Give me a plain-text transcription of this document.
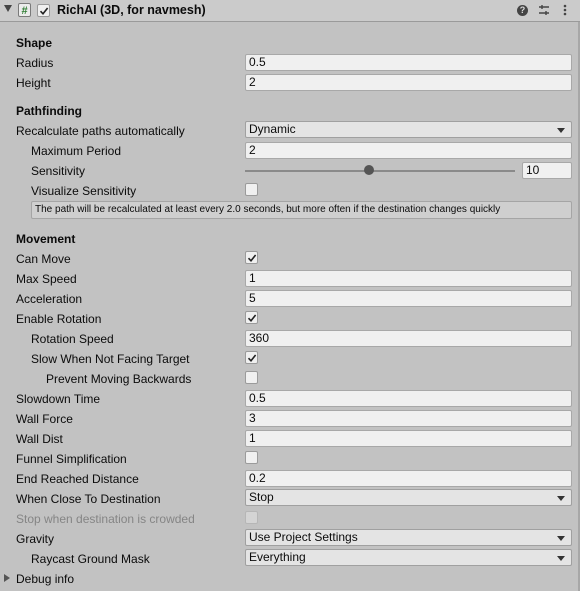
# RichAI (3D, for navmesh)	?
Shape
Radius	0.5
Height	2
Pathfinding
Recalculate paths automatically	Dynamic
Maximum Period	2
Sensitivity	10
Visualize Sensitivity
The path will be recalculated at least every 2.0 seconds, but more often if the destination changes quickly
Movement
Can Move
Max Speed	1
Acceleration	5
Enable Rotation
Rotation Speed	360
Slow When Not Facing Target
Prevent Moving Backwards
Slowdown Time	0.5
Wall Force	3
Wall Dist	1
Funnel Simplification
End Reached Distance	0.2
When Close To Destination	Stop
Stop when destination is crowded
Gravity	Use Project Settings
Raycast Ground Mask	Everything
Debug info
